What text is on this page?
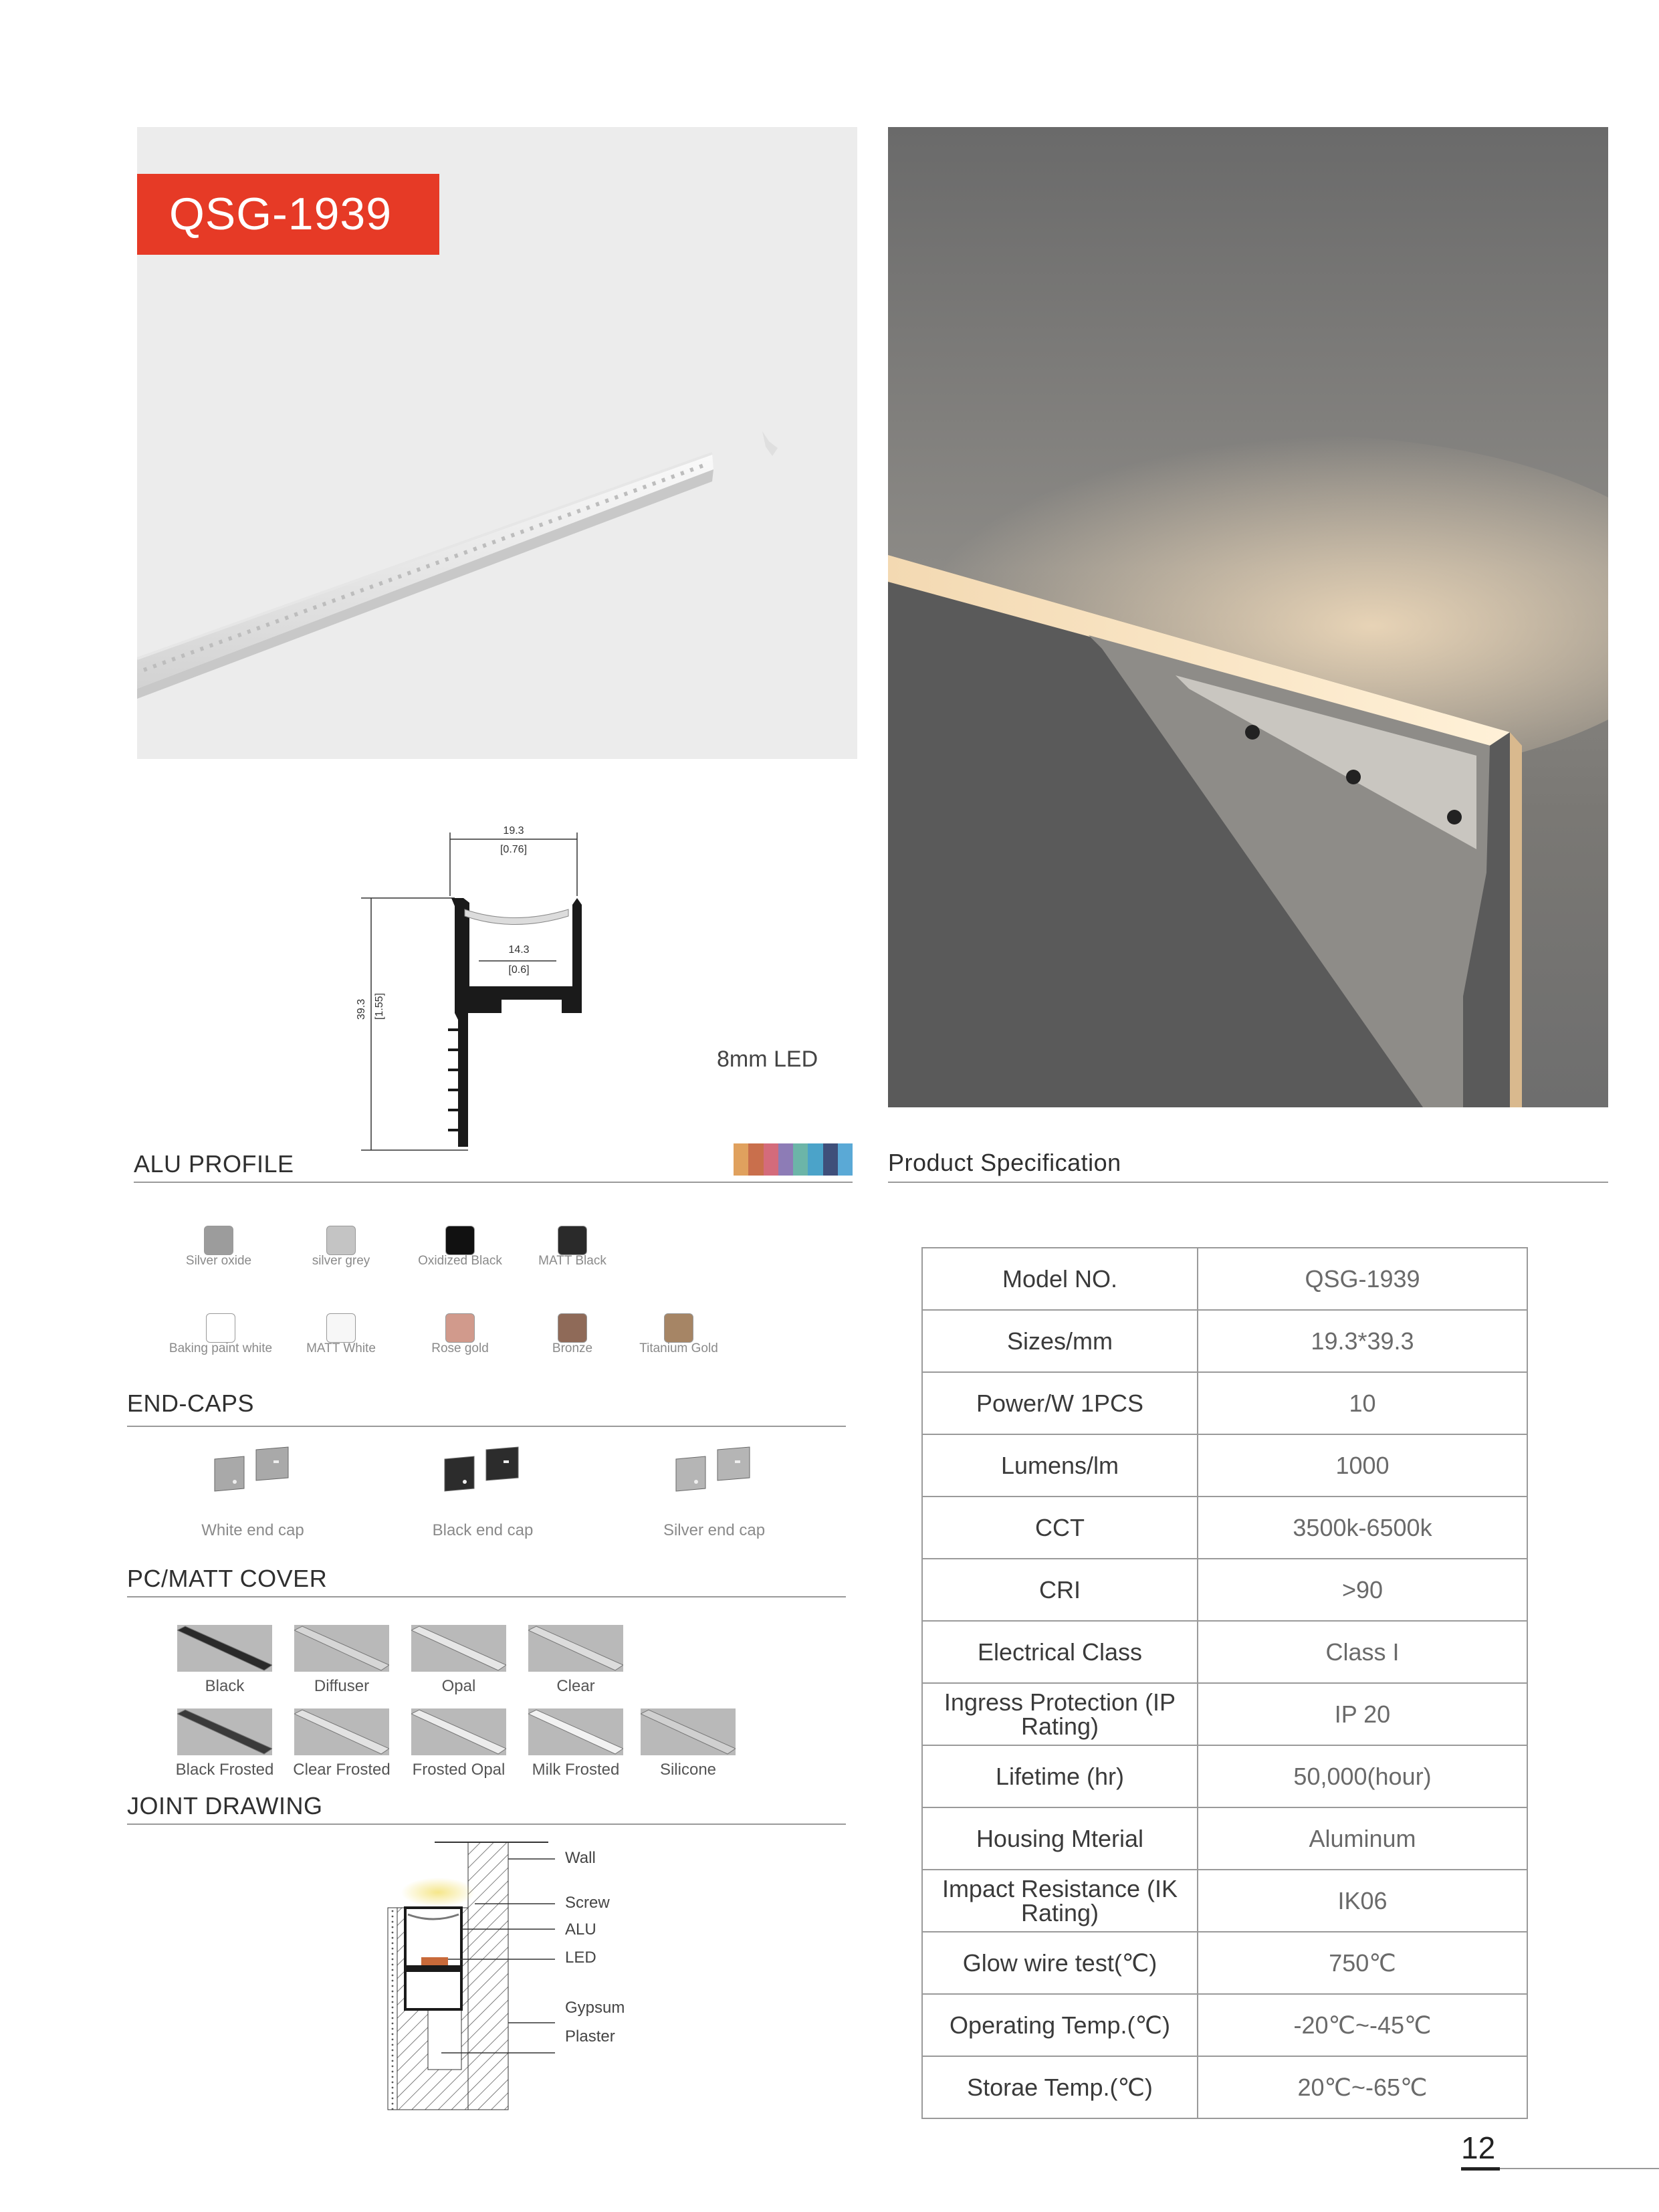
QSG-1939
19.3
[0.76]
14.3
[0.6]
39.3 [1.55]
8mm LED
ALU PROFILE
Silver oxide	silver grey	Oxidized Black	MATT Black
Baking paint white	MATT White	Rose gold	Bronze	Titanium Gold
END-CAPS
White end cap	Black end cap	Silver end cap
PC/MATT COVER
Black	Diffuser	Opal	Clear
Black Frosted	Clear Frosted	Frosted Opal	Milk Frosted	Silicone
JOINT DRAWING
Wall
Screw
ALU
LED
Gypsum
Plaster
Product Specification
Model NO.	QSG-1939
Sizes/mm	19.3*39.3
Power/W 1PCS	10
Lumens/lm	1000
CCT	3500k-6500k
CRI	>90
Electrical Class	Class I
Ingress Protection (IP Rating)	IP 20
Lifetime (hr)	50,000(hour)
Housing Mterial	Aluminum
Impact Resistance (IK Rating)	IK06
Glow wire test(℃)	750℃
Operating Temp.(℃)	-20℃~-45℃
Storae Temp.(℃)	20℃~-65℃
12
